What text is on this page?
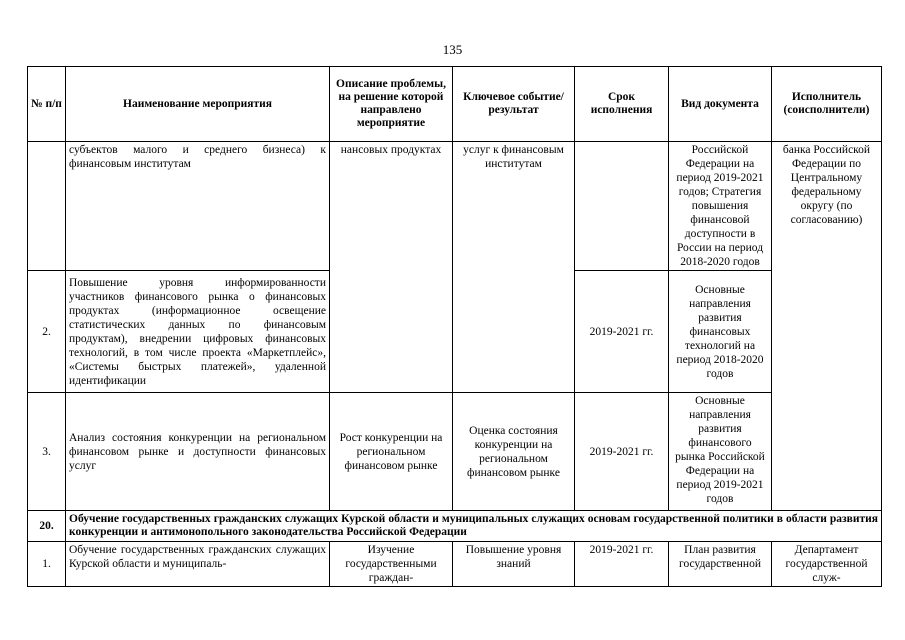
135
№ п/п	Наименование мероприятия	Описание проблемы, на решение которой направлено мероприятие	Ключевое событие/ результат	Срок исполнения	Вид документа	Исполнитель (соисполнители)
	субъектов малого и среднего бизнеса) к финансовым институтам	нансовых продуктах	услуг к финансовым институтам		Российской Федерации на период 2019-2021 годов; Стратегия повышения финансовой доступности в России на период 2018-2020 годов	банка Российской Федерации по Центральному федеральному округу (по согласованию)
2.	Повышение уровня информированности участников финансового рынка о финансовых продуктах (информационное освещение статистических данных по финансовым продуктам), внедрении цифровых финансовых технологий, в том числе проекта «Маркетплейс», «Системы быстрых платежей», удаленной идентификации			2019-2021 гг.	Основные направления развития финансовых технологий на период 2018-2020 годов	
3.	Анализ состояния конкуренции на региональном финансовом рынке и доступности финансовых услуг	Рост конкуренции на региональном финансовом рынке	Оценка состояния конкуренции на региональном финансовом рынке	2019-2021 гг.	Основные направления развития финансового рынка Российской Федерации на период 2019-2021 годов	
20.	Обучение государственных гражданских служащих Курской области и муниципальных служащих основам государственной политики в области развития конкуренции и антимонопольного законодательства Российской Федерации					
1.	Обучение государственных гражданских служащих Курской области и муниципаль-	Изучение государственными граждан-	Повышение уровня знаний	2019-2021 гг.	План развития государственной	Департамент государственной служ-
